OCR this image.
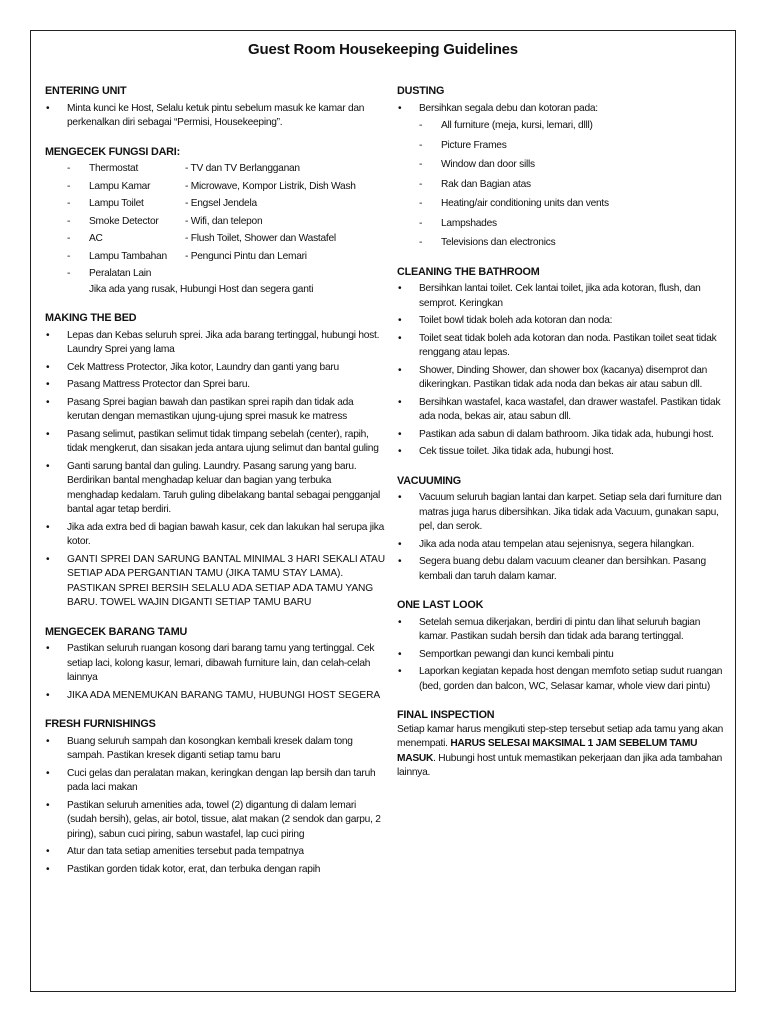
Guest Room Housekeeping Guidelines
ENTERING UNIT
• Minta kunci ke Host, Selalu ketuk pintu sebelum masuk ke kamar dan perkenalkan diri sebagai “Permisi, Housekeeping”.
MENGECEK FUNGSI DARI:
-	Thermostat	- TV dan TV Berlangganan
-	Lampu Kamar	- Microwave, Kompor Listrik, Dish Wash
-	Lampu Toilet	- Engsel Jendela
-	Smoke Detector	- Wifi, dan telepon
-	AC	- Flush Toilet, Shower dan Wastafel
-	Lampu Tambahan	- Pengunci Pintu dan Lemari
-	Peralatan Lain
Jika ada yang rusak, Hubungi Host dan segera ganti
MAKING THE BED
• Lepas dan Kebas seluruh sprei. Jika ada barang tertinggal, hubungi host. Laundry Sprei yang lama
• Cek Mattress Protector, Jika kotor, Laundry dan ganti yang baru
• Pasang Mattress Protector dan Sprei baru.
• Pasang Sprei bagian bawah dan pastikan sprei rapih dan tidak ada kerutan dengan memastikan ujung-ujung sprei masuk ke matress
• Pasang selimut, pastikan selimut tidak timpang sebelah (center), rapih, tidak mengkerut, dan sisakan jeda antara ujung selimut dan bantal guling
• Ganti sarung bantal dan guling. Laundry. Pasang sarung yang baru. Berdirikan bantal menghadap keluar dan bagian yang terbuka menghadap kedalam. Taruh guling dibelakang bantal sebagai pengganjal bantal agar tetap berdiri.
• Jika ada extra bed di bagian bawah kasur, cek dan lakukan hal serupa jika kotor.
• GANTI SPREI DAN SARUNG BANTAL MINIMAL 3 HARI SEKALI ATAU SETIAP ADA PERGANTIAN TAMU (JIKA TAMU STAY LAMA). PASTIKAN SPREI BERSIH SELALU ADA SETIAP ADA TAMU YANG BARU. TOWEL WAJIN DIGANTI SETIAP TAMU BARU
MENGECEK BARANG TAMU
• Pastikan seluruh ruangan kosong dari barang tamu yang tertinggal. Cek setiap laci, kolong kasur, lemari, dibawah furniture lain, dan celah-celah lainnya
• JIKA ADA MENEMUKAN BARANG TAMU, HUBUNGI HOST SEGERA
FRESH FURNISHINGS
• Buang seluruh sampah dan kosongkan kembali kresek dalam tong sampah. Pastikan kresek diganti setiap tamu baru
• Cuci gelas dan peralatan makan, keringkan dengan lap bersih dan taruh pada laci makan
• Pastikan seluruh amenities ada, towel (2) digantung di dalam lemari (sudah bersih), gelas, air botol, tissue, alat makan (2 sendok dan garpu, 2 piring), sabun cuci piring, sabun wastafel, lap cuci piring
• Atur dan tata setiap amenities tersebut pada tempatnya
• Pastikan gorden tidak kotor, erat, dan terbuka dengan rapih
DUSTING
• Bersihkan segala debu dan kotoran pada:
- All furniture (meja, kursi, lemari, dlll)
- Picture Frames
- Window dan door sills
- Rak dan Bagian atas
- Heating/air conditioning units dan vents
- Lampshades
- Televisions dan electronics
CLEANING THE BATHROOM
• Bersihkan lantai toilet. Cek lantai toilet, jika ada kotoran, flush, dan semprot. Keringkan
• Toilet bowl tidak boleh ada kotoran dan noda:
• Toilet seat tidak boleh ada kotoran dan noda. Pastikan toilet seat tidak renggang atau lepas.
• Shower, Dinding Shower, dan shower box (kacanya) disemprot dan dikeringkan. Pastikan tidak ada noda dan bekas air atau sabun dll.
• Bersihkan wastafel, kaca wastafel, dan drawer wastafel. Pastikan tidak ada noda, bekas air, atau sabun dll.
• Pastikan ada sabun di dalam bathroom. Jika tidak ada, hubungi host.
• Cek tissue toilet. Jika tidak ada, hubungi host.
VACUUMING
• Vacuum seluruh bagian lantai dan karpet. Setiap sela dari furniture dan matras juga harus dibersihkan. Jika tidak ada Vacuum, gunakan sapu, pel, dan serok.
• Jika ada noda atau tempelan atau sejenisnya, segera hilangkan.
• Segera buang debu dalam vacuum cleaner dan bersihkan. Pasang kembali dan taruh dalam kamar.
ONE LAST LOOK
• Setelah semua dikerjakan, berdiri di pintu dan lihat seluruh bagian kamar. Pastikan sudah bersih dan tidak ada barang tertinggal.
• Semportkan pewangi dan kunci kembali pintu
• Laporkan kegiatan kepada host dengan memfoto setiap sudut ruangan (bed, gorden dan balcon, WC, Selasar kamar, whole view dari pintu)
FINAL INSPECTION

Setiap kamar harus mengikuti step-step tersebut setiap ada tamu yang akan menempati. HARUS SELESAI MAKSIMAL 1 JAM SEBELUM TAMU MASUK. Hubungi host untuk memastikan pekerjaan dan jika ada tambahan lainnya.
